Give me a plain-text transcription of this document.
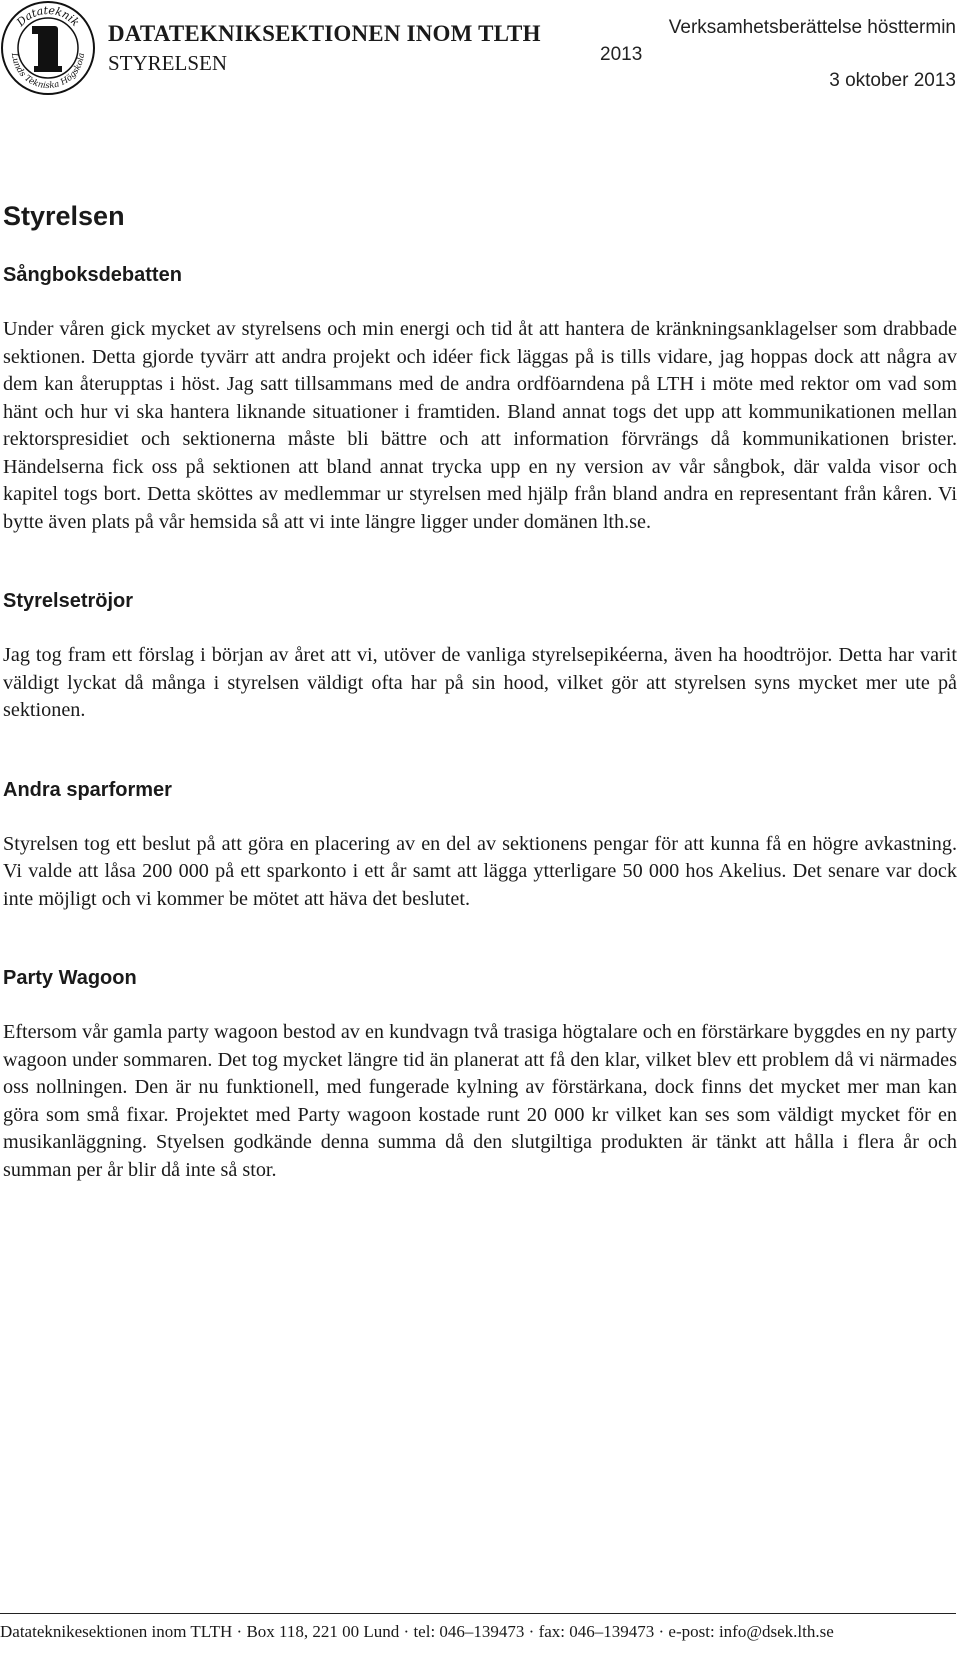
Datateknik
Lunds Tekniska Högskola
DATATEKNIKSEKTIONEN INOM TLTH
STYRELSEN
Verksamhetsberättelse hösttermin
2013
3 oktober 2013
Styrelsen
Sångboksdebatten

Under våren gick mycket av styrelsens och min energi och tid åt att hantera de kränkningsanklagelser som drabbade sektionen. Detta gjorde tyvärr att andra projekt och idéer fick läggas på is tills vidare, jag hoppas dock att några av dem kan återupptas i höst. Jag satt tillsammans med de andra ordföarndena på LTH i möte med rektor om vad som hänt och hur vi ska hantera liknande situationer i framtiden. Bland annat togs det upp att kommunikationen mellan rektorspresidiet och sektionerna måste bli bättre och att information förvrängs då kommunikationen brister. Händelserna fick oss på sektionen att bland annat trycka upp en ny version av vår sångbok, där valda visor och kapitel togs bort. Detta sköttes av medlemmar ur styrelsen med hjälp från bland andra en representant från kåren. Vi bytte även plats på vår hemsida så att vi inte längre ligger under domänen lth.se.

Styrelsetröjor

Jag tog fram ett förslag i början av året att vi, utöver de vanliga styrelsepikéerna, även ha hoodtröjor. Detta har varit väldigt lyckat då många i styrelsen väldigt ofta har på sin hood, vilket gör att styrelsen syns mycket mer ute på sektionen.

Andra sparformer

Styrelsen tog ett beslut på att göra en placering av en del av sektionens pengar för att kunna få en högre avkastning. Vi valde att låsa 200 000 på ett sparkonto i ett år samt att lägga ytterligare 50 000 hos Akelius. Det senare var dock inte möjligt och vi kommer be mötet att häva det beslutet.

Party Wagoon

Eftersom vår gamla party wagoon bestod av en kundvagn två trasiga högtalare och en förstärkare byggdes en ny party wagoon under sommaren. Det tog mycket längre tid än planerat att få den klar, vilket blev ett problem då vi närmades oss nollningen. Den är nu funktionell, med fungerade kylning av förstärkana, dock finns det mycket mer man kan göra som små fixar. Projektet med Party wagoon kostade runt 20 000 kr vilket kan ses som väldigt mycket för en musikanläggning. Styelsen godkände denna summa då den slutgiltiga produkten är tänkt att hålla i flera år och summan per år blir då inte så stor.

Datateknikesektionen inom TLTH · Box 118, 221 00 Lund · tel: 046–139473 · fax: 046–139473 · e-post: info@dsek.lth.se
